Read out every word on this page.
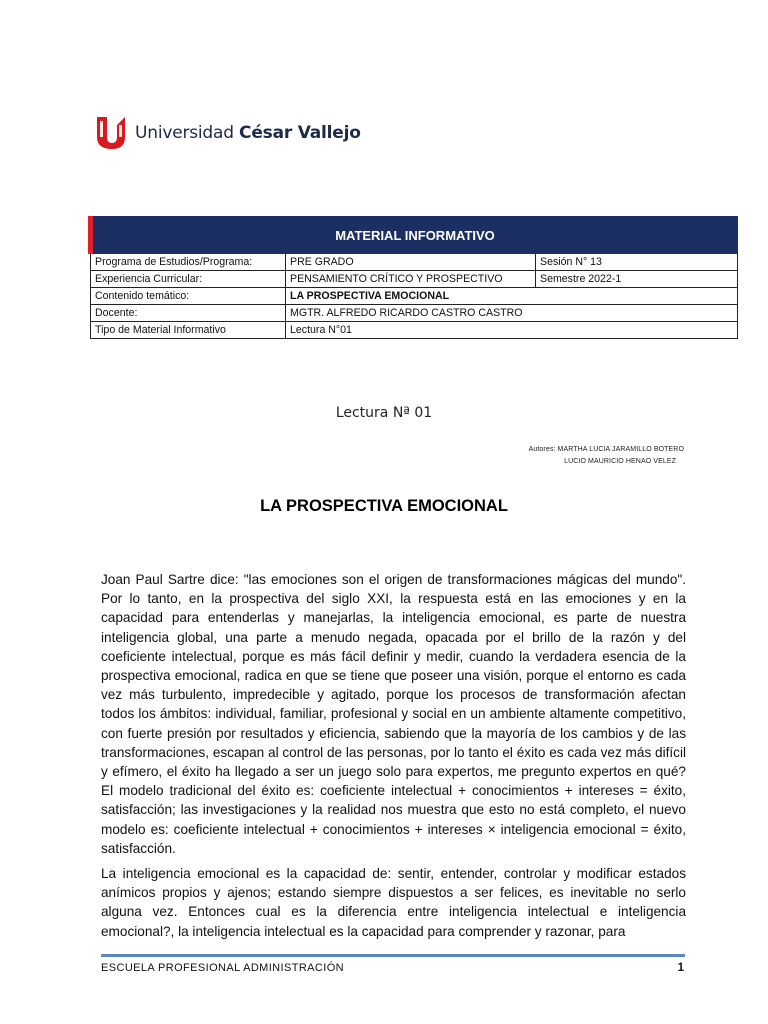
Universidad César Vallejo
MATERIAL INFORMATIVO		
Programa de Estudios/Programa:	PRE GRADO	Sesión N° 13
Experiencia Curricular:	PENSAMIENTO CRÍTICO Y PROSPECTIVO	Semestre 2022-1
Contenido temático:	LA PROSPECTIVA EMOCIONAL	
Docente:	MGTR. ALFREDO RICARDO CASTRO CASTRO	
Tipo de Material Informativo	Lectura N°01	
Lectura Nª 01
Autores: MARTHA LUCIA JARAMILLO BOTERO
LUCIO MAURICIO HENAO VELEZ
LA PROSPECTIVA EMOCIONAL

Joan Paul Sartre dice: "las emociones son el origen de transformaciones mágicas del mundo". Por lo tanto, en la prospectiva del siglo XXI, la respuesta está en las emociones y en la capacidad para entenderlas y manejarlas, la inteligencia emocional, es parte de nuestra inteligencia global, una parte a menudo negada, opacada por el brillo de la razón y del coeficiente intelectual, porque es más fácil definir y medir, cuando la verdadera esencia de la prospectiva emocional, radica en que se tiene que poseer una visión, porque el entorno es cada vez más turbulento, impredecible y agitado, porque los procesos de transformación afectan todos los ámbitos: individual, familiar, profesional y social en un ambiente altamente competitivo, con fuerte presión por resultados y eficiencia, sabiendo que la mayoría de los cambios y de las transformaciones, escapan al control de las personas, por lo tanto el éxito es cada vez más difícil y efímero, el éxito ha llegado a ser un juego solo para expertos, me pregunto expertos en qué? El modelo tradicional del éxito es: coeficiente intelectual + conocimientos + intereses = éxito, satisfacción; las investigaciones y la realidad nos muestra que esto no está completo, el nuevo modelo es: coeficiente intelectual + conocimientos + intereses × inteligencia emocional = éxito, satisfacción.

La inteligencia emocional es la capacidad de: sentir, entender, controlar y modificar estados anímicos propios y ajenos; estando siempre dispuestos a ser felices, es inevitable no serlo alguna vez. Entonces cual es la diferencia entre inteligencia intelectual e inteligencia emocional?, la inteligencia intelectual es la capacidad para comprender y razonar, para

ESCUELA PROFESIONAL ADMINISTRACIÓN	1
